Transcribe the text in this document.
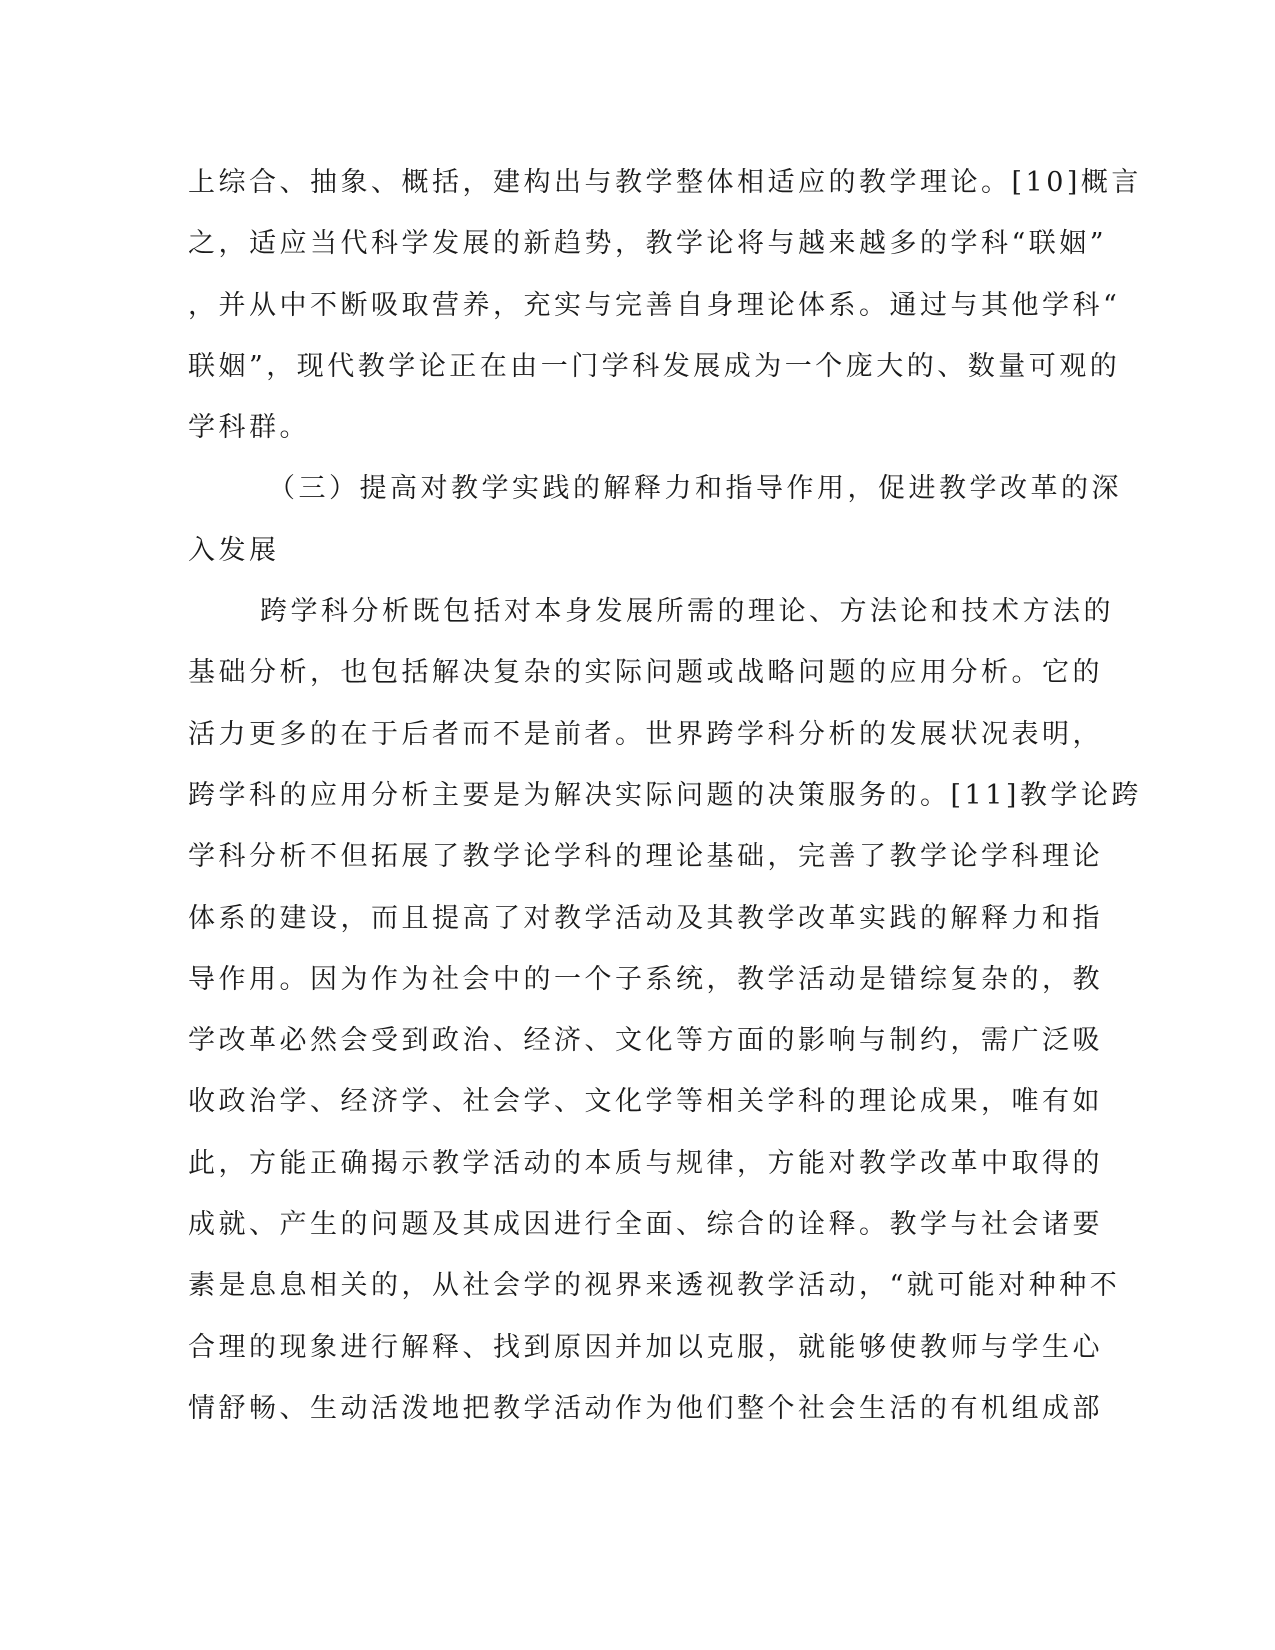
上综合、抽象、概括，建构出与教学整体相适应的教学理论。[10]概言
之，适应当代科学发展的新趋势，教学论将与越来越多的学科“联姻”
，并从中不断吸取营养，充实与完善自身理论体系。通过与其他学科“
联姻”，现代教学论正在由一门学科发展成为一个庞大的、数量可观的
学科群。
（三）提高对教学实践的解释力和指导作用，促进教学改革的深
入发展
跨学科分析既包括对本身发展所需的理论、方法论和技术方法的
基础分析，也包括解决复杂的实际问题或战略问题的应用分析。它的
活力更多的在于后者而不是前者。世界跨学科分析的发展状况表明，
跨学科的应用分析主要是为解决实际问题的决策服务的。[11]教学论跨
学科分析不但拓展了教学论学科的理论基础，完善了教学论学科理论
体系的建设，而且提高了对教学活动及其教学改革实践的解释力和指
导作用。因为作为社会中的一个子系统，教学活动是错综复杂的，教
学改革必然会受到政治、经济、文化等方面的影响与制约，需广泛吸
收政治学、经济学、社会学、文化学等相关学科的理论成果，唯有如
此，方能正确揭示教学活动的本质与规律，方能对教学改革中取得的
成就、产生的问题及其成因进行全面、综合的诠释。教学与社会诸要
素是息息相关的，从社会学的视界来透视教学活动，“就可能对种种不
合理的现象进行解释、找到原因并加以克服，就能够使教师与学生心
情舒畅、生动活泼地把教学活动作为他们整个社会生活的有机组成部
